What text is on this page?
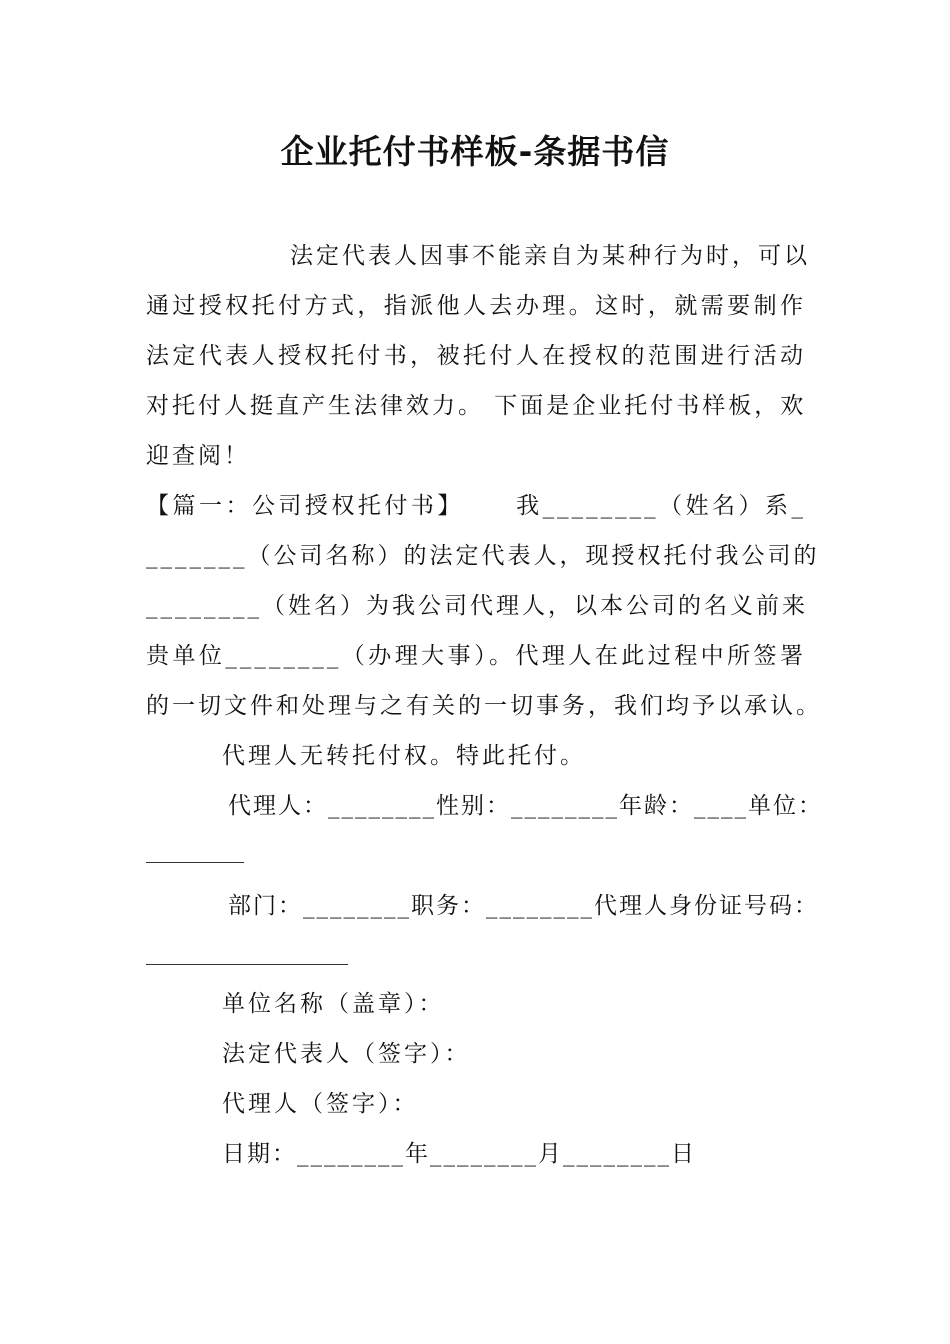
企业托付书样板-条据书信
法定代表人因事不能亲自为某种行为时，可以
通过授权托付方式，指派他人去办理。这时，就需要制作
法定代表人授权托付书，被托付人在授权的范围进行活动
对托付人挺直产生法律效力。 下面是企业托付书样板，欢
迎查阅！
【篇一：公司授权托付书】　　 我________（姓名）系_
_______（公司名称）的法定代表人，现授权托付我公司的
________（姓名）为我公司代理人，以本公司的名义前来
贵单位________（办理大事）。代理人在此过程中所签署
的一切文件和处理与之有关的一切事务，我们均予以承认。
代理人无转托付权。特此托付。
代理人：________性别：________年龄：____单位：
部门：________职务：________代理人身份证号码：
单位名称（盖章）：
法定代表人（签字）：
代理人（签字）：
日期：________年________月________日
